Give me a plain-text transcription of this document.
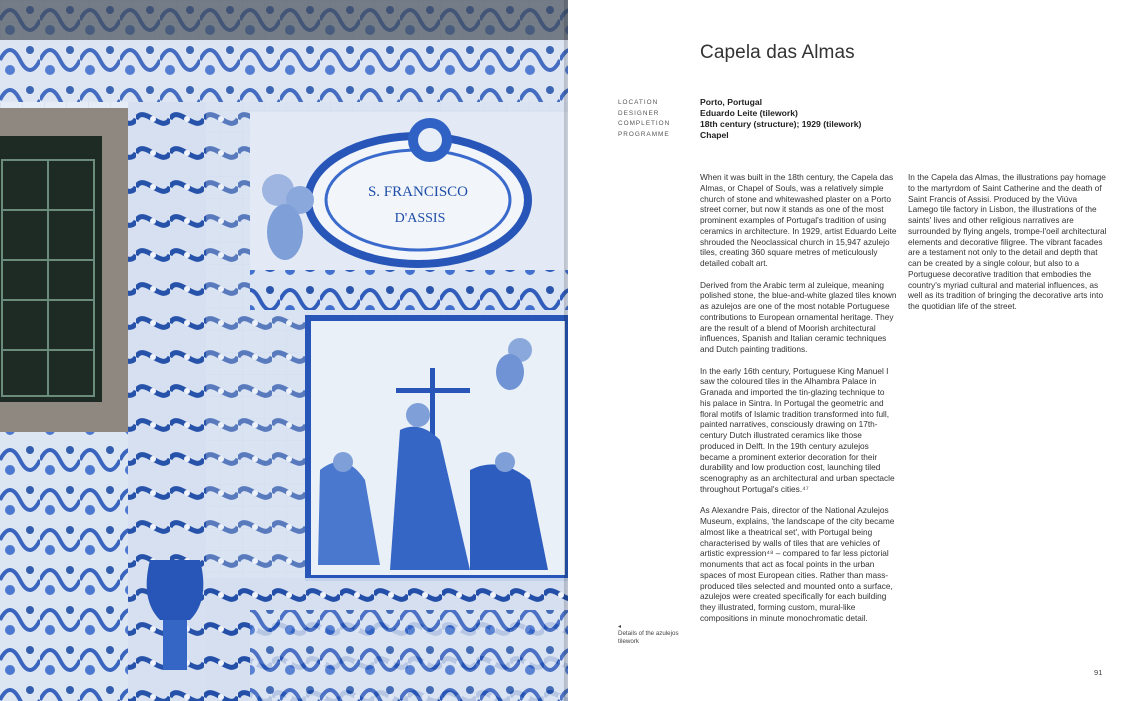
S. FRANCISCO
D'ASSIS
Capela das Almas
LOCATION	Porto, Portugal
DESIGNER	Eduardo Leite (tilework)
COMPLETION	18th century (structure); 1929 (tilework)
PROGRAMME	Chapel

When it was built in the 18th century, the Capela das Almas, or Chapel of Souls, was a relatively simple church of stone and whitewashed plaster on a Porto street corner, but now it stands as one of the most prominent examples of Portugal's tradition of using ceramics in architecture. In 1929, artist Eduardo Leite shrouded the Neoclassical church in 15,947 azulejo tiles, creating 360 square metres of meticulously detailed cobalt art.

Derived from the Arabic term al zuleique, meaning polished stone, the blue-and-white glazed tiles known as azulejos are one of the most notable Portuguese contributions to European ornamental heritage. They are the result of a blend of Moorish architectural influences, Spanish and Italian ceramic techniques and Dutch painting traditions.

In the early 16th century, Portuguese King Manuel I saw the coloured tiles in the Alhambra Palace in Granada and imported the tin-glazing technique to his palace in Sintra. In Portugal the geometric and floral motifs of Islamic tradition transformed into full, painted narratives, consciously drawing on 17th-century Dutch illustrated ceramics like those produced in Delft. In the 19th century azulejos became a prominent exterior decoration for their durability and low production cost, launching tiled scenography as an architectural and urban spectacle throughout Portugal's cities.⁴⁷

As Alexandre Pais, director of the National Azulejos Museum, explains, 'the landscape of the city became almost like a theatrical set', with Portugal being characterised by walls of tiles that are vehicles of artistic expression⁴⁸ – compared to far less pictorial monuments that act as focal points in the urban spaces of most European cities. Rather than mass-produced tiles selected and mounted onto a surface, azulejos were created specifically for each building they illustrated, forming custom, mural-like compositions in minute monochromatic detail.

In the Capela das Almas, the illustrations pay homage to the martyrdom of Saint Catherine and the death of Saint Francis of Assisi. Produced by the Viúva Lamego tile factory in Lisbon, the illustrations of the saints' lives and other religious narratives are surrounded by flying angels, trompe-l'oeil architectural elements and decorative filigree. The vibrant facades are a testament not only to the detail and depth that can be created by a single colour, but also to a Portuguese decorative tradition that embodies the country's myriad cultural and material influences, as well as its tradition of bringing the decorative arts into the quotidian life of the street.

◂
Details of the azulejos tilework
91
